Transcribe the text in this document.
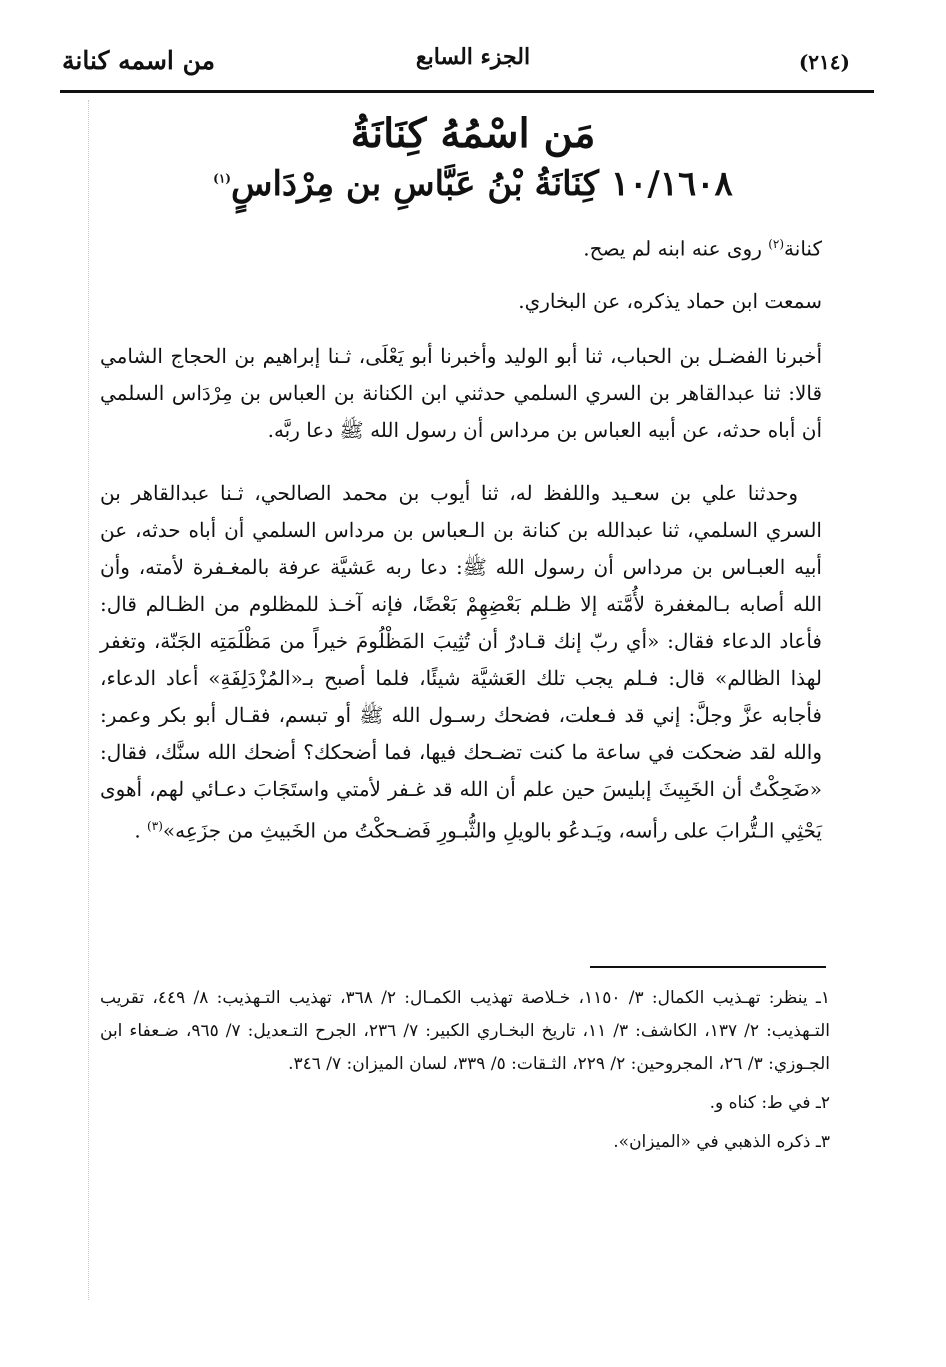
من اسمه كنانة	الجزء السابع	(٢١٤)
مَن اسْمُهُ كِنَانَةُ
١٠/١٦٠٨ كِنَانَةُ بْنُ عَبَّاسِ بن مِرْدَاسٍ$^{(١)}$
كنانة$^{(٢)}$ روى عنه ابنه لم يصح.
سمعت ابن حماد يذكره، عن البخاري.

أخبرنا الفضـل بن الحباب، ثنا أبو الوليد وأخبرنا أبو يَعْلَى، ثـنا إبراهيم بن الحجاج الشامي قالا: ثنا عبدالقاهر بن السري السلمي حدثني ابن الكنانة بن العباس بن مِرْدَاس السلمي أن أباه حدثه، عن أبيه العباس بن مرداس أن رسول الله ﷺ دعا ربَّه.

وحدثنا علي بن سعـيد واللفظ له، ثنا أيوب بن محمد الصالحي، ثـنا عبدالقاهر بن السري السلمي، ثنا عبدالله بن كنانة بن الـعباس بن مرداس السلمي أن أباه حدثه، عن أبيه العبـاس بن مرداس أن رسول الله ﷺ: دعا ربه عَشيَّة عرفة بالمغـفرة لأمته، وأن الله أصابه بـالمغفرة لأُمَّته إلا ظـلم بَعْضِهِمْ بَعْضًا، فإنه آخـذ للمظلوم من الظـالم قال: فأعاد الدعاء فقال: «أي ربّ إنك قـادرٌ أن تُثِيبَ المَظْلُومَ خيراً من مَظْلَمَتِه الجَنّة، وتغفر لهذا الظالم» قال: فـلم يجب تلك العَشيَّة شيئًا، فلما أصبح بـ«المُزْدَلِفَةِ» أعاد الدعاء، فأجابه عزَّ وجلَّ: إني قد فـعلت، فضحك رسـول الله ﷺ أو تبسم، فقـال أبو بكر وعمر: والله لقد ضحكت في ساعة ما كنت تضـحك فيها، فما أضحكك؟ أضحك الله سنَّك، فقال: «ضَحِكْتُ أن الخَبِيثَ إبليسَ حين علم أن الله قد غـفر لأمتي واستَجَابَ دعـائي لهم، أهوى يَحْثِي الـتُّرابَ على رأسه، ويَـدعُو بالويلِ والثُّبـورِ فَضـحكْتُ من الخَبيثِ من جزَعِه»$^{(٣)}$ .

١ـ ينظر: تهـذيب الكمال: ٣/ ١١٥٠، خـلاصة تهذيب الكمـال: ٢/ ٣٦٨، تهذيب التـهذيب: ٨/ ٤٤٩، تقريب التـهذيب: ٢/ ١٣٧، الكاشف: ٣/ ١١، تاريخ البخـاري الكبير: ٧/ ٢٣٦، الجرح التـعديل: ٧/ ٩٦٥، ضـعفاء ابن الجـوزي: ٣/ ٢٦، المجروحين: ٢/ ٢٢٩، الثـقات: ٥/ ٣٣٩، لسان الميزان: ٧/ ٣٤٦.

٢ـ في ط: كناه و.

٣ـ ذكره الذهبي في «الميزان».
